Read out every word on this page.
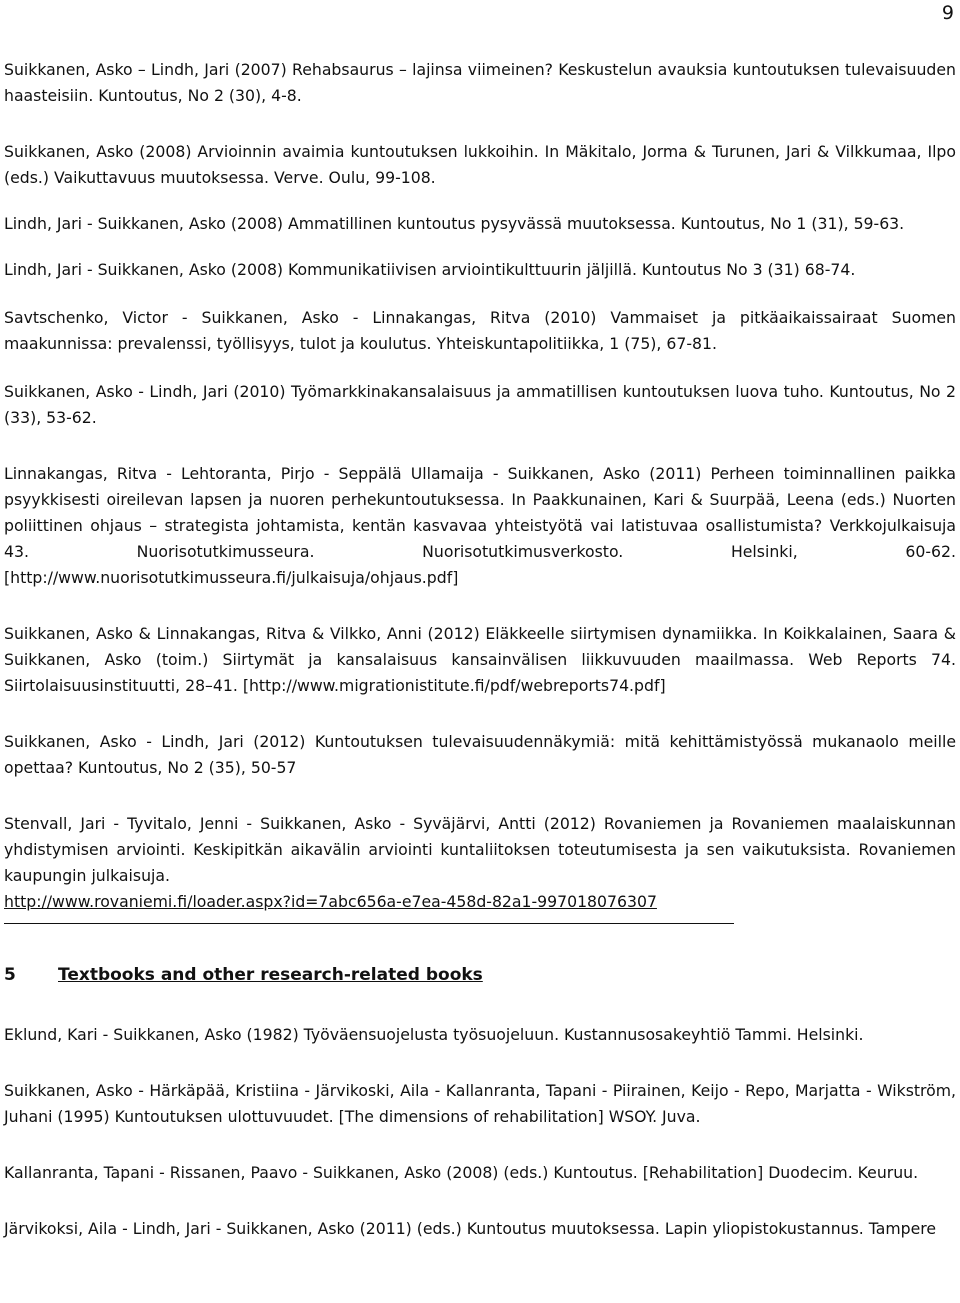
9

Suikkanen, Asko – Lindh, Jari (2007) Rehabsaurus – lajinsa viimeinen? Keskustelun avauksia kuntoutuksen tulevaisuuden haasteisiin. Kuntoutus, No 2 (30), 4-8.

Suikkanen, Asko (2008) Arvioinnin avaimia kuntoutuksen lukkoihin. In Mäkitalo, Jorma & Turunen, Jari & Vilkkumaa, Ilpo (eds.) Vaikuttavuus muutoksessa. Verve. Oulu, 99-108.

Lindh, Jari - Suikkanen, Asko (2008) Ammatillinen kuntoutus pysyvässä muutoksessa. Kuntoutus, No 1 (31), 59-63.

Lindh, Jari - Suikkanen, Asko (2008) Kommunikatiivisen arviointikulttuurin jäljillä. Kuntoutus No 3 (31) 68-74.

Savtschenko, Victor - Suikkanen, Asko - Linnakangas, Ritva (2010) Vammaiset ja pitkäaikaissairaat Suomen maakunnissa: prevalenssi, työllisyys, tulot ja koulutus. Yhteiskuntapolitiikka, 1 (75), 67-81.

Suikkanen, Asko - Lindh, Jari (2010) Työmarkkinakansalaisuus ja ammatillisen kuntoutuksen luova tuho. Kuntoutus, No 2 (33), 53-62.

Linnakangas, Ritva - Lehtoranta, Pirjo - Seppälä Ullamaija - Suikkanen, Asko (2011) Perheen toiminnallinen paikka psyykkisesti oireilevan lapsen ja nuoren perhekuntoutuksessa. In Paakkunainen, Kari & Suurpää, Leena (eds.) Nuorten poliittinen ohjaus – strategista johtamista, kentän kasvavaa yhteistyötä vai latistuvaa osallistumista? Verkkojulkaisuja 43. Nuorisotutkimusseura. Nuorisotutkimusverkosto. Helsinki, 60-62. [http://www.nuorisotutkimusseura.fi/julkaisuja/ohjaus.pdf]

Suikkanen, Asko & Linnakangas, Ritva & Vilkko, Anni (2012) Eläkkeelle siirtymisen dynamiikka. In Koikkalainen, Saara & Suikkanen, Asko (toim.) Siirtymät ja kansalaisuus kansainvälisen liikkuvuuden maailmassa. Web Reports 74. Siirtolaisuusinstituutti, 28–41. [http://www.migrationistitute.fi/pdf/webreports74.pdf]

Suikkanen, Asko - Lindh, Jari (2012) Kuntoutuksen tulevaisuudennäkymiä: mitä kehittämistyössä mukanaolo meille opettaa? Kuntoutus, No 2 (35), 50-57

Stenvall, Jari - Tyvitalo, Jenni - Suikkanen, Asko - Syväjärvi, Antti (2012) Rovaniemen ja Rovaniemen maalaiskunnan yhdistymisen arviointi. Keskipitkän aikavälin arviointi kuntaliitoksen toteutumisesta ja sen vaikutuksista. Rovaniemen kaupungin julkaisuja.
http://www.rovaniemi.fi/loader.aspx?id=7abc656a-e7ea-458d-82a1-997018076307

5 Textbooks and other research-related books

Eklund, Kari - Suikkanen, Asko (1982) Työväensuojelusta työsuojeluun. Kustannusosakeyhtiö Tammi. Helsinki.

Suikkanen, Asko - Härkäpää, Kristiina - Järvikoski, Aila - Kallanranta, Tapani - Piirainen, Keijo - Repo, Marjatta - Wikström, Juhani (1995) Kuntoutuksen ulottuvuudet. [The dimensions of rehabilitation] WSOY. Juva.

Kallanranta, Tapani - Rissanen, Paavo - Suikkanen, Asko (2008) (eds.) Kuntoutus. [Rehabilitation] Duodecim. Keuruu.

Järvikoksi, Aila - Lindh, Jari - Suikkanen, Asko (2011) (eds.) Kuntoutus muutoksessa. Lapin yliopistokustannus. Tampere
